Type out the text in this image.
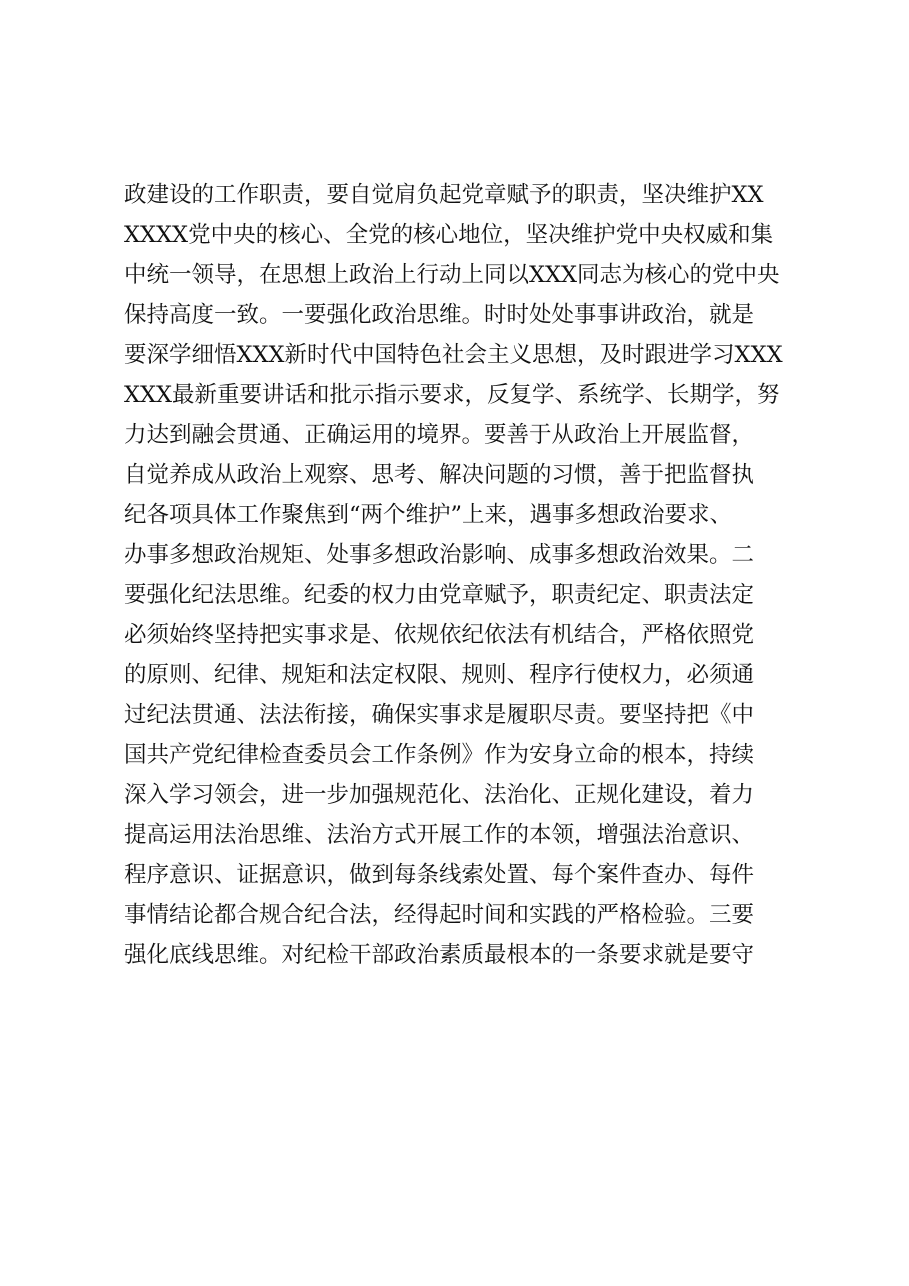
政建设的工作职责，要自觉肩负起党章赋予的职责，坚决维护XX
XXXX党中央的核心、全党的核心地位，坚决维护党中央权威和集
中统一领导，在思想上政治上行动上同以XXX同志为核心的党中央
保持高度一致。一要强化政治思维。时时处处事事讲政治，就是
要深学细悟XXX新时代中国特色社会主义思想，及时跟进学习XXX
XXX最新重要讲话和批示指示要求，反复学、系统学、长期学，努
力达到融会贯通、正确运用的境界。要善于从政治上开展监督，
自觉养成从政治上观察、思考、解决问题的习惯，善于把监督执
纪各项具体工作聚焦到“两个维护”上来，遇事多想政治要求、
办事多想政治规矩、处事多想政治影响、成事多想政治效果。二
要强化纪法思维。纪委的权力由党章赋予，职责纪定、职责法定
必须始终坚持把实事求是、依规依纪依法有机结合，严格依照党
的原则、纪律、规矩和法定权限、规则、程序行使权力，必须通
过纪法贯通、法法衔接，确保实事求是履职尽责。要坚持把《中
国共产党纪律检查委员会工作条例》作为安身立命的根本，持续
深入学习领会，进一步加强规范化、法治化、正规化建设，着力
提高运用法治思维、法治方式开展工作的本领，增强法治意识、
程序意识、证据意识，做到每条线索处置、每个案件查办、每件
事情结论都合规合纪合法，经得起时间和实践的严格检验。三要
强化底线思维。对纪检干部政治素质最根本的一条要求就是要守
